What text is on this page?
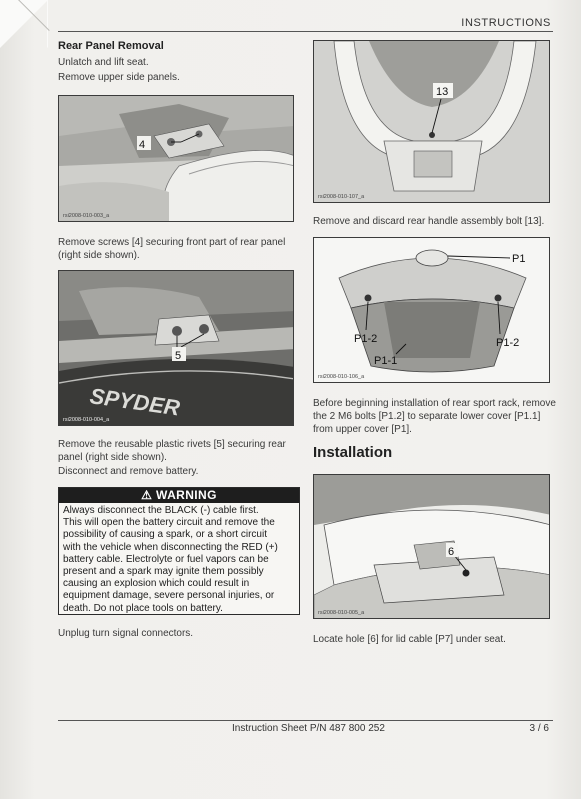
INSTRUCTIONS
Rear Panel Removal
Unlatch and lift seat.
Remove upper side panels.
4
rsi2008-010-003_a
Remove screws [4] securing front part of rear panel (right side shown).
SPYDER
5
rsi2008-010-004_a
Remove the reusable plastic rivets [5] securing rear panel (right side shown).
Disconnect and remove battery.
⚠ WARNING
Always disconnect the BLACK (-) cable first.
This will open the battery circuit and remove the
possibility of causing a spark, or a short circuit
with the vehicle when disconnecting the RED (+)
battery cable. Electrolyte or fuel vapors can be
present and a spark may ignite them possibly
causing an explosion which could result in
equipment damage, severe personal injuries, or
death. Do not place tools on battery.
Unplug turn signal connectors.
13
rsi2008-010-107_a
Remove and discard rear handle assembly bolt [13].
P1
P1-2
P1-1
P1-2
rsi2008-010-106_a
Before beginning installation of rear sport rack, remove the 2 M6 bolts [P1.2] to separate lower cover [P1.1] from upper cover [P1].
Installation
6
rsi2008-010-005_a
Locate hole [6] for lid cable [P7] under seat.
Instruction Sheet P/N 487 800 252	3 / 6
